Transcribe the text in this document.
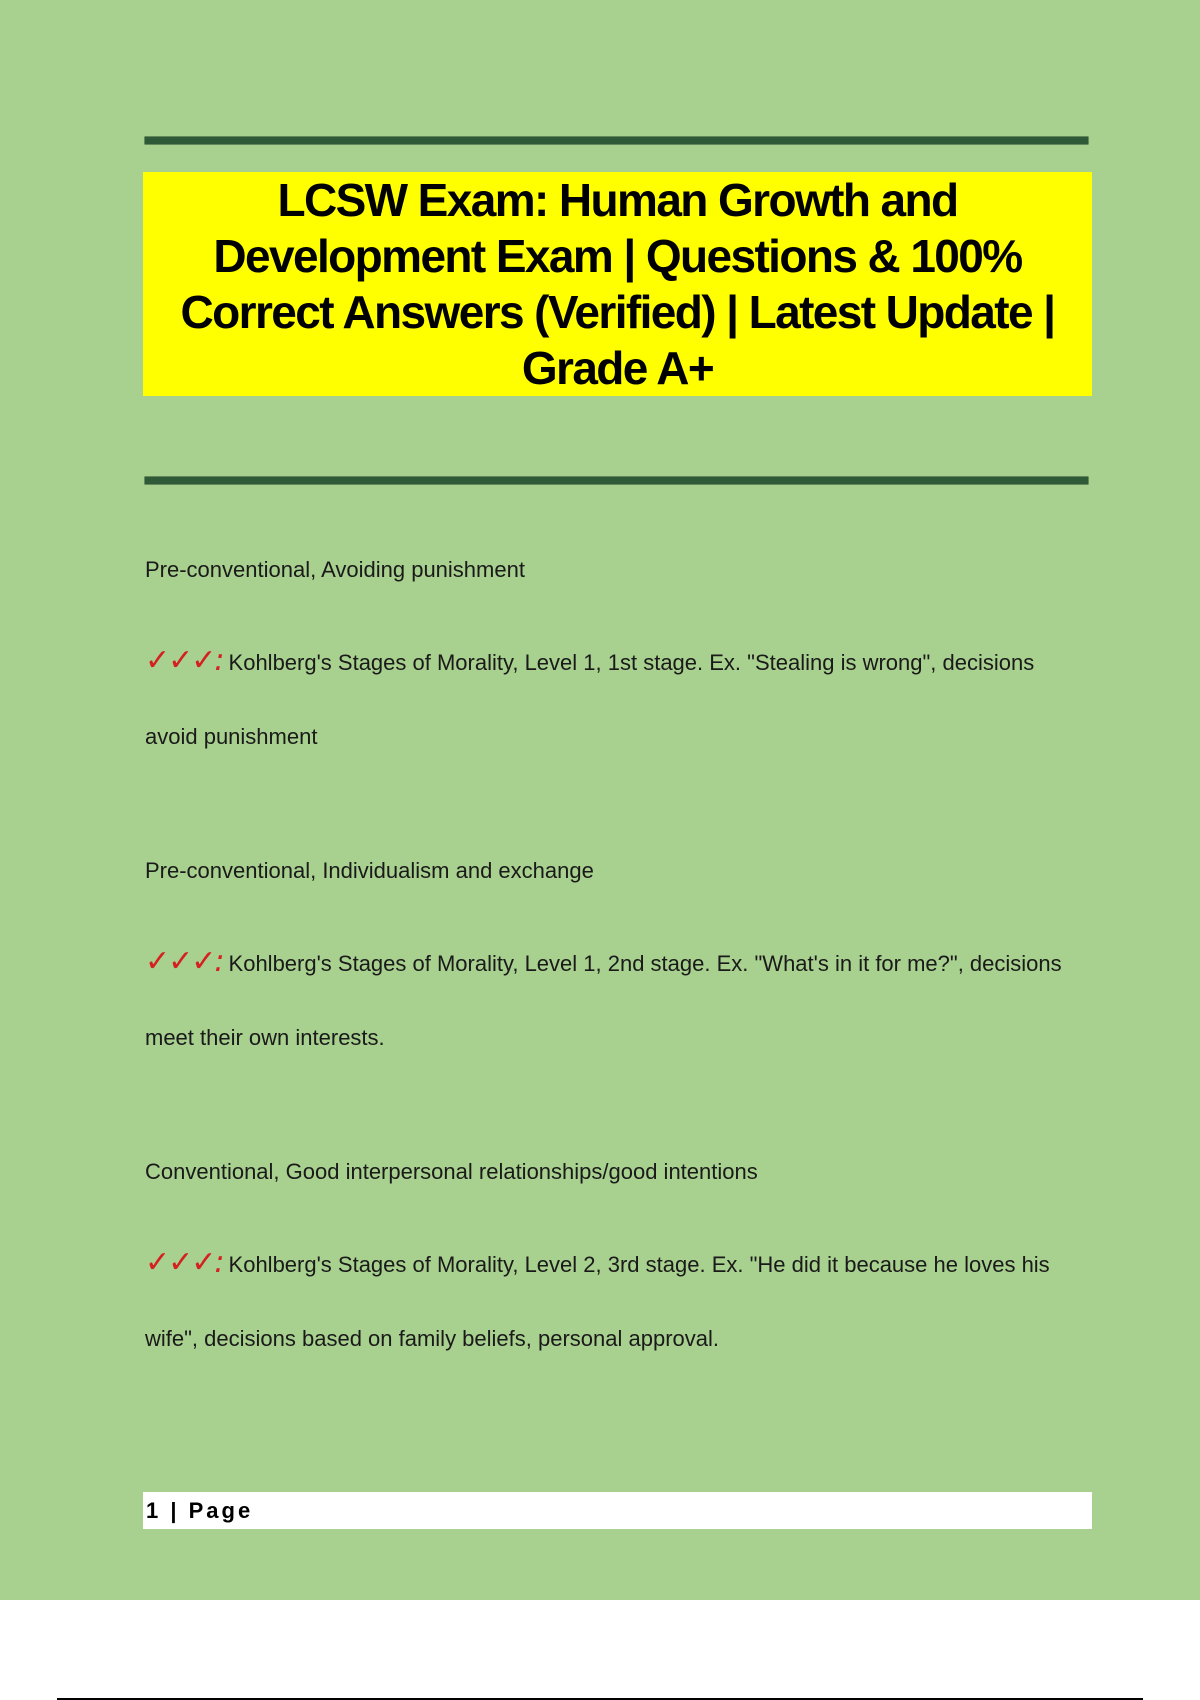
LCSW Exam: Human Growth and Development Exam | Questions & 100% Correct Answers (Verified) | Latest Update | Grade A+

Pre-conventional, Avoiding punishment

✓✓✓: Kohlberg's Stages of Morality, Level 1, 1st stage. Ex. "Stealing is wrong", decisions avoid punishment

Pre-conventional, Individualism and exchange

✓✓✓: Kohlberg's Stages of Morality, Level 1, 2nd stage. Ex. "What's in it for me?", decisions meet their own interests.

Conventional, Good interpersonal relationships/good intentions

✓✓✓: Kohlberg's Stages of Morality, Level 2, 3rd stage. Ex. "He did it because he loves his wife", decisions based on family beliefs, personal approval.

1 | Page
